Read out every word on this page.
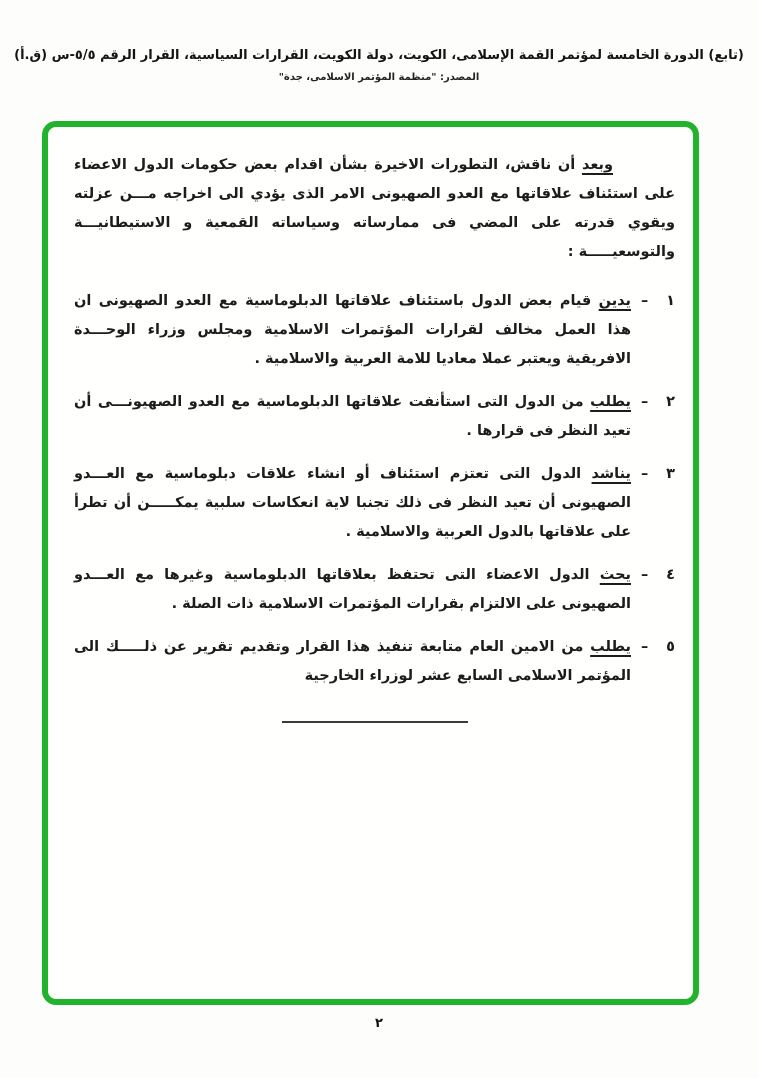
(تابع) الدورة الخامسة لمؤتمر القمة الإسلامى، الكويت، دولة الكويت، القرارات السياسية، القرار الرقم ٥/٥-س (ق.أ)
المصدر: "منظمة المؤتمر الاسلامى، جدة"

وبعد أن ناقش، التطورات الاخيرة بشأن اقدام بعض حكومات الدول الاعضاء على استئناف علاقاتها مع العدو الصهيونى الامر الذى يؤدي الى اخراجه مـــن عزلته ويقوي قدرته على المضي فى ممارساته وسياساته القمعية و الاستيطانيـــة والتوسعيـــــة :

١
–
يدين قيام بعض الدول باستئناف علاقاتها الدبلوماسية مع العدو الصهيونى ان هذا العمل مخالف لقرارات المؤتمرات الاسلامية ومجلس وزراء الوحـــدة الافريقية ويعتبر عملا معاديا للامة العربية والاسلامية .
٢
–
يطلب من الدول التى استأنفت علاقاتها الدبلوماسية مع العدو الصهيونـــى أن تعيد النظر فى قرارها .
٣
–
يناشد الدول التى تعتزم استئناف أو انشاء علاقات دبلوماسية مع العـــدو الصهيونى أن تعيد النظر فى ذلك تجنبا لاية انعكاسات سلبية يمكـــــن أن تطرأ على علاقاتها بالدول العربية والاسلامية .
٤
–
يحث الدول الاعضاء التى تحتفظ بعلاقاتها الدبلوماسية وغيرها مع العـــدو الصهيونى على الالتزام بقرارات المؤتمرات الاسلامية ذات الصلة .
٥
–
يطلب من الامين العام متابعة تنفيذ هذا القرار وتقديم تقرير عن ذلـــــك الى المؤتمر الاسلامى السابع عشر لوزراء الخارجية
٢
